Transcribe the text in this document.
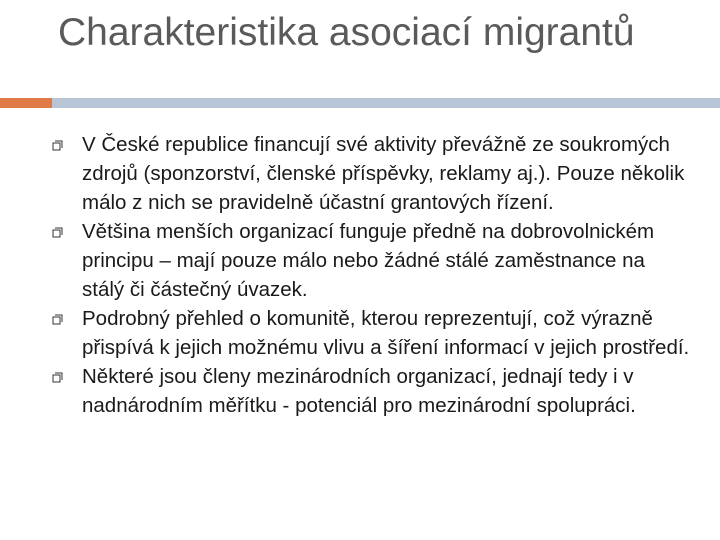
Charakteristika asociací migrantů
V České republice financují své aktivity převážně ze soukromých zdrojů (sponzorství, členské příspěvky, reklamy aj.). Pouze několik málo z nich se pravidelně účastní grantových řízení.
Většina menších organizací funguje předně na dobrovolnickém principu – mají pouze málo nebo žádné stálé zaměstnance na stálý či částečný úvazek.
Podrobný přehled o komunitě, kterou reprezentují, což výrazně přispívá k jejich možnému vlivu a šíření informací v jejich prostředí.
Některé jsou členy mezinárodních organizací, jednají tedy i v nadnárodním měřítku - potenciál pro mezinárodní spolupráci.
